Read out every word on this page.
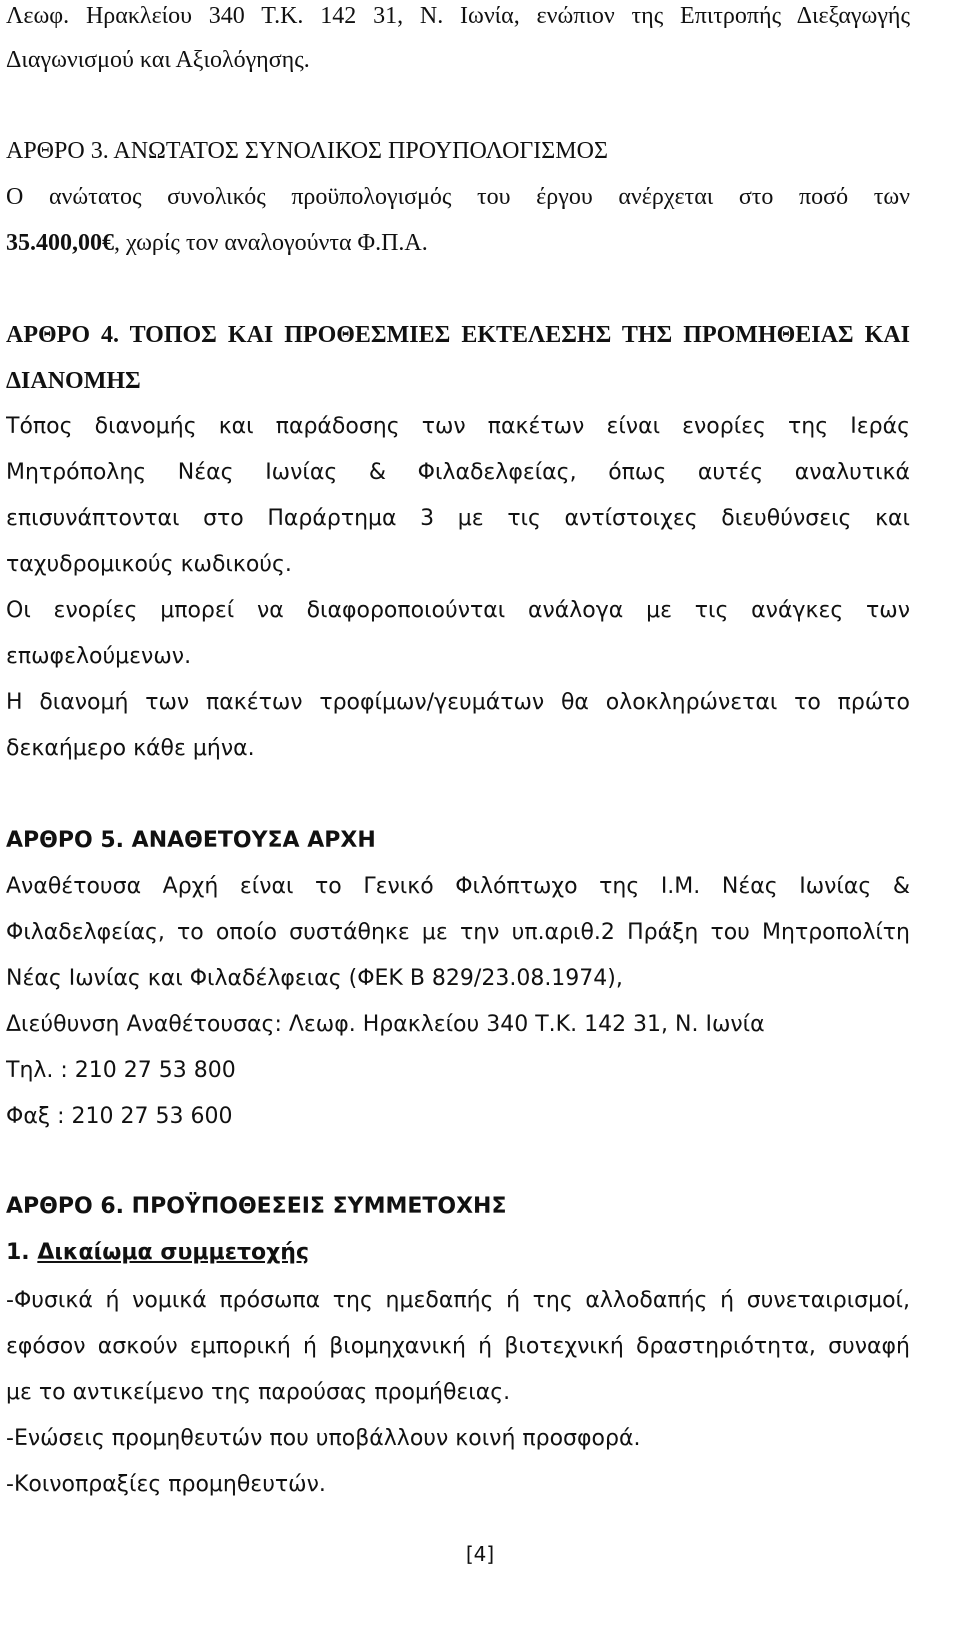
Λεωφ. Ηρακλείου 340 Τ.Κ. 142 31, Ν. Ιωνία, ενώπιον της Επιτροπής Διεξαγωγής

Διαγωνισμού και Αξιολόγησης.

ΑΡΘΡΟ 3. ΑΝΩΤΑΤΟΣ ΣΥΝΟΛΙΚΟΣ ΠΡΟΥΠΟΛΟΓΙΣΜΟΣ

Ο ανώτατος συνολικός προϋπολογισμός του έργου ανέρχεται στο ποσό των

35.400,00€, χωρίς τον αναλογούντα Φ.Π.Α.

ΑΡΘΡΟ 4. ΤΟΠΟΣ ΚΑΙ ΠΡΟΘΕΣΜΙΕΣ ΕΚΤΕΛΕΣΗΣ ΤΗΣ ΠΡΟΜΗΘΕΙΑΣ ΚΑΙ

ΔΙΑΝΟΜΗΣ

Τόπος διανομής και παράδοσης των πακέτων είναι ενορίες της Ιεράς

Μητρόπολης Νέας Ιωνίας & Φιλαδελφείας, όπως αυτές αναλυτικά

επισυνάπτονται στο Παράρτημα 3 με τις αντίστοιχες διευθύνσεις και

ταχυδρομικούς κωδικούς.

Οι ενορίες μπορεί να διαφοροποιούνται ανάλογα με τις ανάγκες των

επωφελούμενων.

Η διανομή των πακέτων τροφίμων/γευμάτων θα ολοκληρώνεται το πρώτο

δεκαήμερο κάθε μήνα.

ΑΡΘΡΟ 5. ΑΝΑΘΕΤΟΥΣΑ ΑΡΧΗ

Αναθέτουσα Αρχή είναι το Γενικό Φιλόπτωχο της Ι.Μ. Νέας Ιωνίας &

Φιλαδελφείας, το οποίο συστάθηκε με την υπ.αριθ.2 Πράξη του Μητροπολίτη

Νέας Ιωνίας και Φιλαδέλφειας (ΦΕΚ Β 829/23.08.1974),

Διεύθυνση Αναθέτουσας: Λεωφ. Ηρακλείου 340 Τ.Κ. 142 31, Ν. Ιωνία

Τηλ. : 210 27 53 800

Φαξ : 210 27 53 600

ΑΡΘΡΟ 6. ΠΡΟΫΠΟΘΕΣΕΙΣ ΣΥΜΜΕΤΟΧΗΣ

1. Δικαίωμα συμμετοχής

-Φυσικά ή νομικά πρόσωπα της ημεδαπής ή της αλλοδαπής ή συνεταιρισμοί,

εφόσον ασκούν εμπορική ή βιομηχανική ή βιοτεχνική δραστηριότητα, συναφή

με το αντικείμενο της παρούσας προμήθειας.

-Ενώσεις προμηθευτών που υποβάλλουν κοινή προσφορά.

-Κοινοπραξίες προμηθευτών.

[4]
